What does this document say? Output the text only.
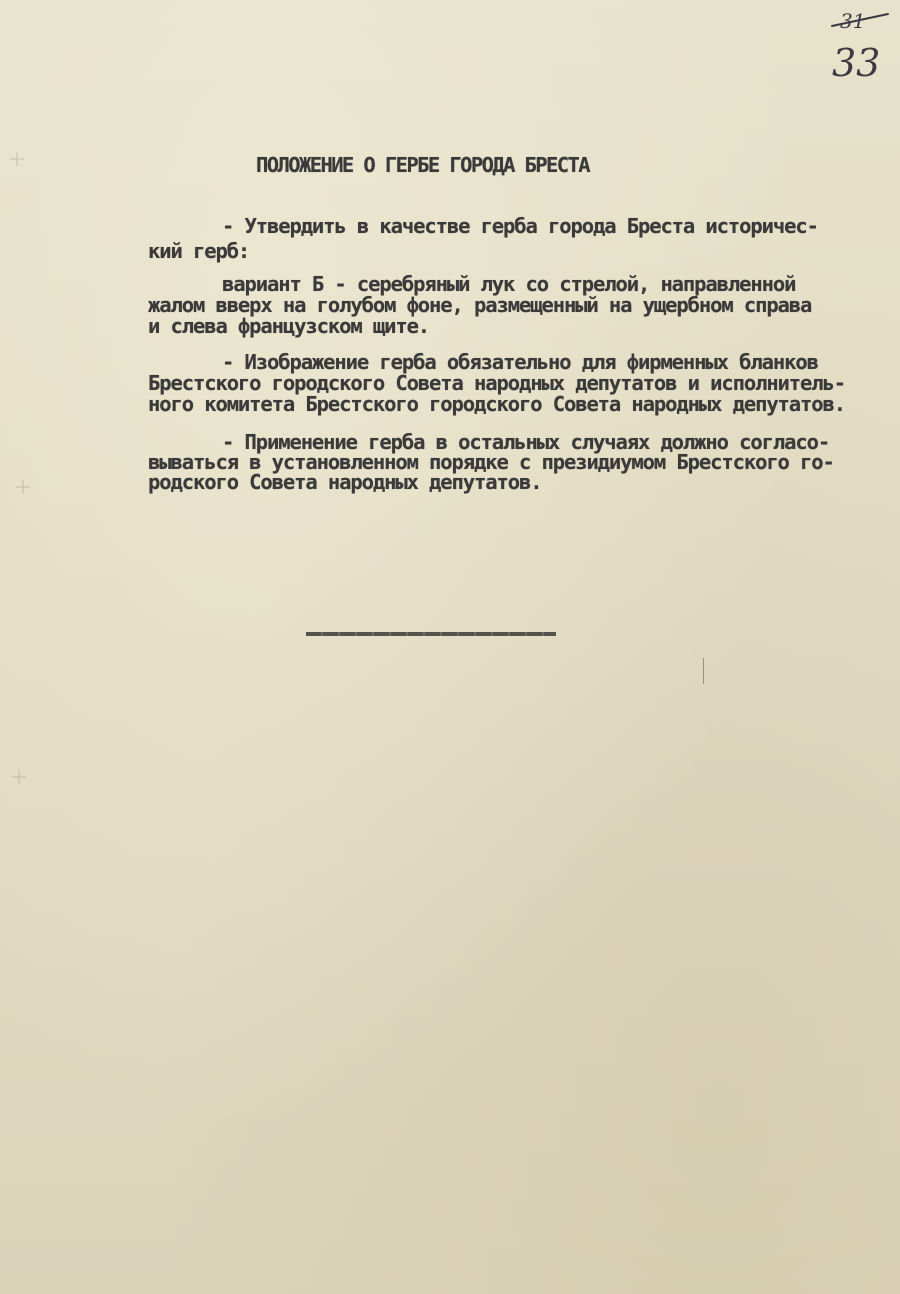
31
33
ПОЛОЖЕНИЕ О ГЕРБЕ ГОРОДА БРЕСТА
- Утвердить в качестве герба города Бреста историчес-
кий герб:
вариант Б - серебряный лук со стрелой, направленной
жалом вверх на голубом фоне, размещенный на ущербном справа
и слева французском щите.
- Изображение герба обязательно для фирменных бланков
Брестского городского Совета народных депутатов и исполнитель-
ного комитета Брестского городского Совета народных депутатов.
- Применение герба в остальных случаях должно согласо-
вываться в установленном порядке с президиумом Брестского го-
родского Совета народных депутатов.
